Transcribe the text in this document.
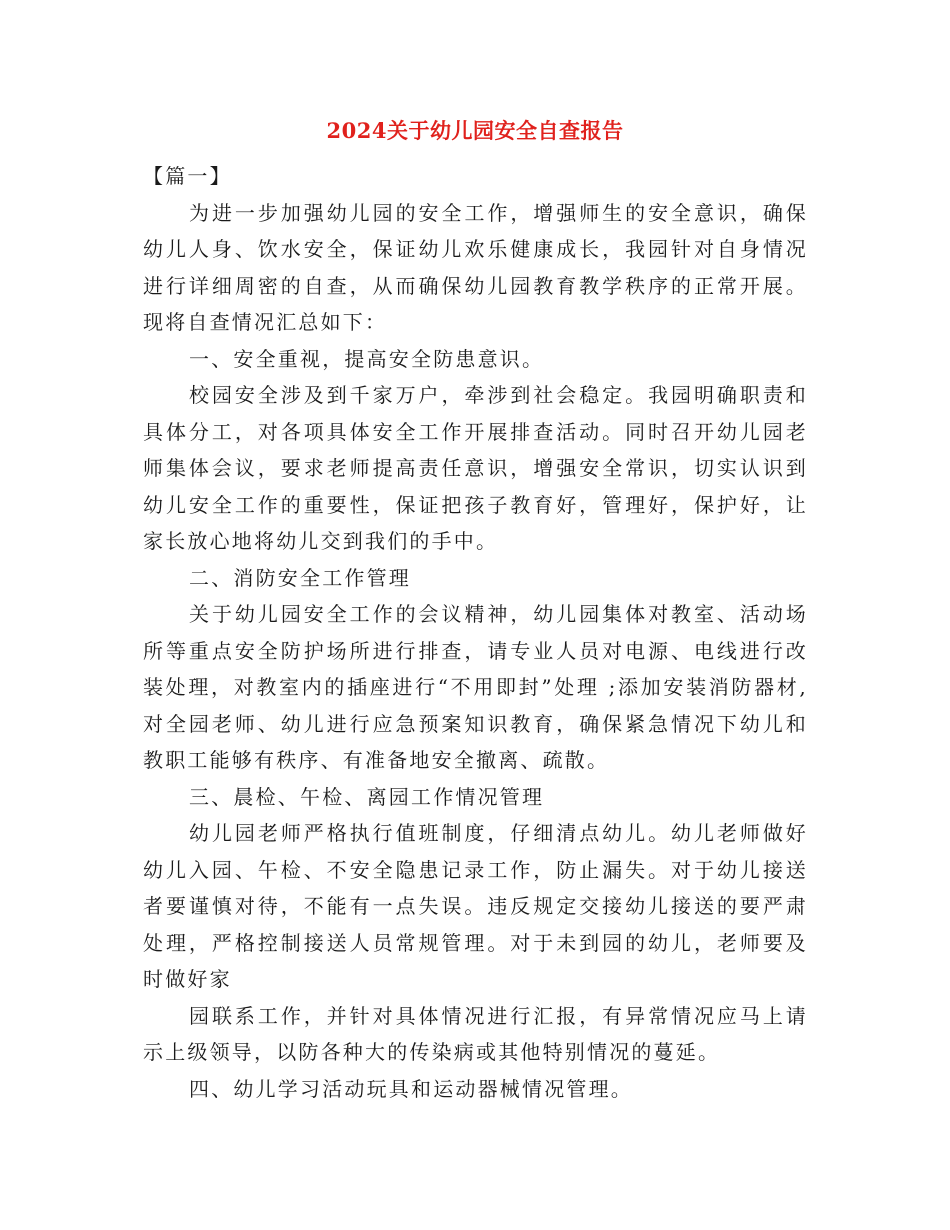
2024关于幼儿园安全自查报告

【篇一】

为进一步加强幼儿园的安全工作，增强师生的安全意识，确保幼儿人身、饮水安全，保证幼儿欢乐健康成长，我园针对自身情况进行详细周密的自查，从而确保幼儿园教育教学秩序的正常开展。现将自查情况汇总如下：

一、安全重视，提高安全防患意识。

校园安全涉及到千家万户，牵涉到社会稳定。我园明确职责和具体分工，对各项具体安全工作开展排查活动。同时召开幼儿园老师集体会议，要求老师提高责任意识，增强安全常识，切实认识到幼儿安全工作的重要性，保证把孩子教育好，管理好，保护好，让家长放心地将幼儿交到我们的手中。

二、消防安全工作管理

关于幼儿园安全工作的会议精神，幼儿园集体对教室、活动场所等重点安全防护场所进行排查，请专业人员对电源、电线进行改装处理，对教室内的插座进行“不用即封”处理 ;添加安装消防器材,对全园老师、幼儿进行应急预案知识教育，确保紧急情况下幼儿和教职工能够有秩序、有准备地安全撤离、疏散。

三、晨检、午检、离园工作情况管理

幼儿园老师严格执行值班制度，仔细清点幼儿。幼儿老师做好幼儿入园、午检、不安全隐患记录工作，防止漏失。对于幼儿接送者要谨慎对待，不能有一点失误。违反规定交接幼儿接送的要严肃处理，严格控制接送人员常规管理。对于未到园的幼儿，老师要及时做好家

园联系工作，并针对具体情况进行汇报，有异常情况应马上请示上级领导，以防各种大的传染病或其他特别情况的蔓延。

四、幼儿学习活动玩具和运动器械情况管理。
